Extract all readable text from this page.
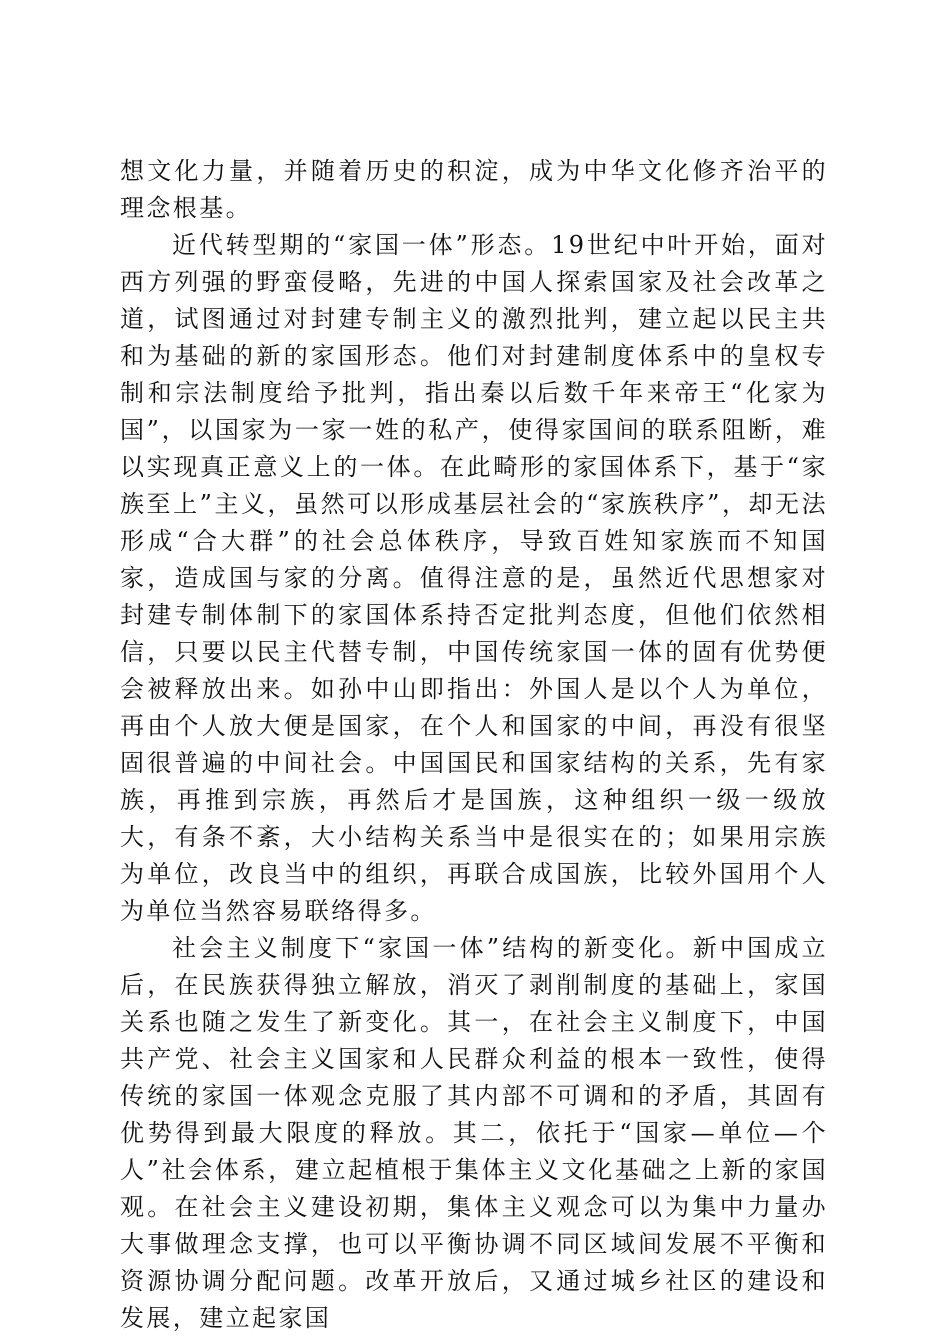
想文化力量，并随着历史的积淀，成为中华文化修齐治平的理念根基。

近代转型期的“家国一体”形态。19世纪中叶开始，面对西方列强的野蛮侵略，先进的中国人探索国家及社会改革之道，试图通过对封建专制主义的激烈批判，建立起以民主共和为基础的新的家国形态。他们对封建制度体系中的皇权专制和宗法制度给予批判，指出秦以后数千年来帝王“化家为国”，以国家为一家一姓的私产，使得家国间的联系阻断，难以实现真正意义上的一体。在此畸形的家国体系下，基于“家族至上”主义，虽然可以形成基层社会的“家族秩序”，却无法形成“合大群”的社会总体秩序，导致百姓知家族而不知国家，造成国与家的分离。值得注意的是，虽然近代思想家对封建专制体制下的家国体系持否定批判态度，但他们依然相信，只要以民主代替专制，中国传统家国一体的固有优势便会被释放出来。如孙中山即指出：外国人是以个人为单位，再由个人放大便是国家，在个人和国家的中间，再没有很坚固很普遍的中间社会。中国国民和国家结构的关系，先有家族，再推到宗族，再然后才是国族，这种组织一级一级放大，有条不紊，大小结构关系当中是很实在的；如果用宗族为单位，改良当中的组织，再联合成国族，比较外国用个人为单位当然容易联络得多。

社会主义制度下“家国一体”结构的新变化。新中国成立后，在民族获得独立解放，消灭了剥削制度的基础上，家国关系也随之发生了新变化。其一，在社会主义制度下，中国共产党、社会主义国家和人民群众利益的根本一致性，使得传统的家国一体观念克服了其内部不可调和的矛盾，其固有优势得到最大限度的释放。其二，依托于“国家—单位—个人”社会体系，建立起植根于集体主义文化基础之上新的家国观。在社会主义建设初期，集体主义观念可以为集中力量办大事做理念支撑，也可以平衡协调不同区域间发展不平衡和资源协调分配问题。改革开放后，又通过城乡社区的建设和发展，建立起家国
